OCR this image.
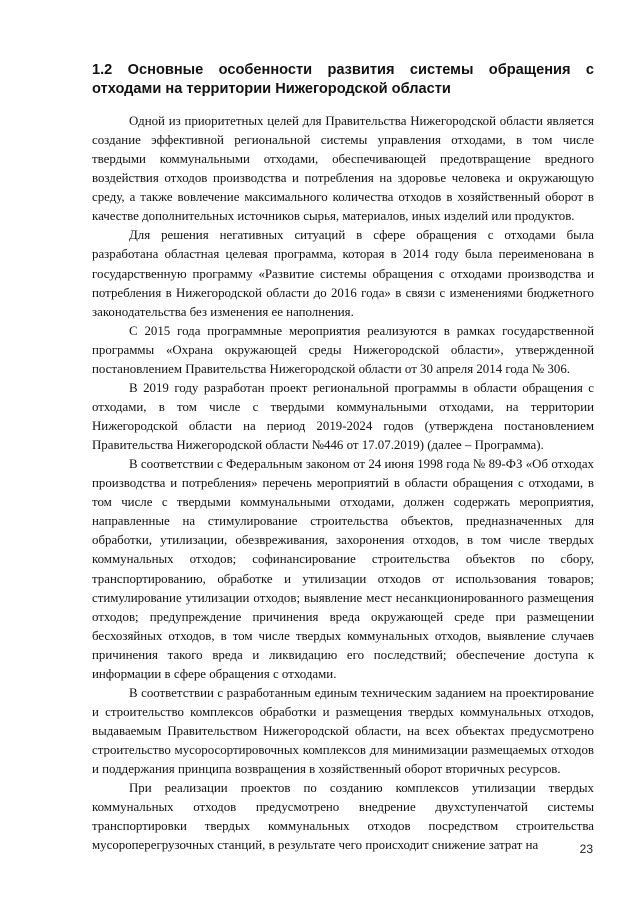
1.2 Основные особенности развития системы обращения с отходами на территории Нижегородской области

Одной из приоритетных целей для Правительства Нижегородской области является создание эффективной региональной системы управления отходами, в том числе твердыми коммунальными отходами, обеспечивающей предотвращение вредного воздействия отходов производства и потребления на здоровье человека и окружающую среду, а также вовлечение максимального количества отходов в хозяйственный оборот в качестве дополнительных источников сырья, материалов, иных изделий или продуктов.

Для решения негативных ситуаций в сфере обращения с отходами была разработана областная целевая программа, которая в 2014 году была переименована в государственную программу «Развитие системы обращения с отходами производства и потребления в Нижегородской области до 2016 года» в связи с изменениями бюджетного законодательства без изменения ее наполнения.

С 2015 года программные мероприятия реализуются в рамках государственной программы «Охрана окружающей среды Нижегородской области», утвержденной постановлением Правительства Нижегородской области от 30 апреля 2014 года № 306.

В 2019 году разработан проект региональной программы в области обращения с отходами, в том числе с твердыми коммунальными отходами, на территории Нижегородской области на период 2019-2024 годов (утверждена постановлением Правительства Нижегородской области №446 от 17.07.2019) (далее – Программа).

В соответствии с Федеральным законом от 24 июня 1998 года № 89-ФЗ «Об отходах производства и потребления» перечень мероприятий в области обращения с отходами, в том числе с твердыми коммунальными отходами, должен содержать мероприятия, направленные на стимулирование строительства объектов, предназначенных для обработки, утилизации, обезвреживания, захоронения отходов, в том числе твердых коммунальных отходов; софинансирование строительства объектов по сбору, транспортированию, обработке и утилизации отходов от использования товаров; стимулирование утилизации отходов; выявление мест несанкционированного размещения отходов; предупреждение причинения вреда окружающей среде при размещении бесхозяйных отходов, в том числе твердых коммунальных отходов, выявление случаев причинения такого вреда и ликвидацию его последствий; обеспечение доступа к информации в сфере обращения с отходами.

В соответствии с разработанным единым техническим заданием на проектирование и строительство комплексов обработки и размещения твердых коммунальных отходов, выдаваемым Правительством Нижегородской области, на всех объектах предусмотрено строительство мусоросортировочных комплексов для минимизации размещаемых отходов и поддержания принципа возвращения в хозяйственный оборот вторичных ресурсов.

При реализации проектов по созданию комплексов утилизации твердых коммунальных отходов предусмотрено внедрение двухступенчатой системы транспортировки твердых коммунальных отходов посредством строительства мусороперегрузочных станций, в результате чего происходит снижение затрат на	23
